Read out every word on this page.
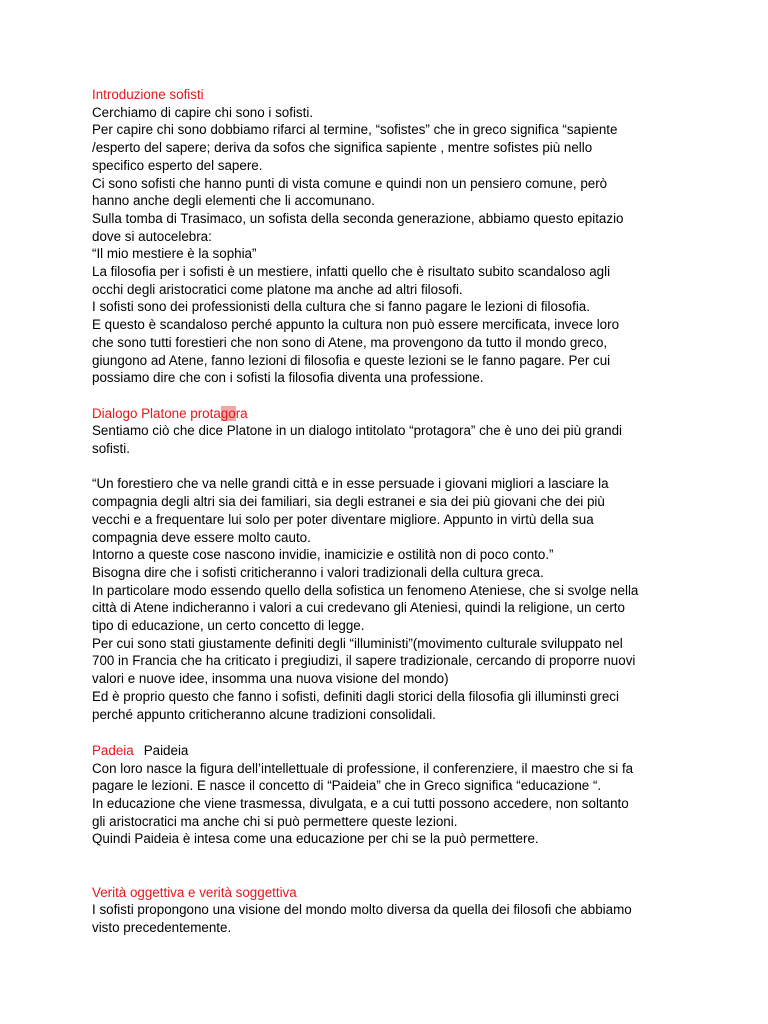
Introduzione sofisti

Cerchiamo di capire chi sono i sofisti.

Per capire chi sono dobbiamo rifarci al termine, “sofistes” che in greco significa “sapiente

/esperto del sapere; deriva da sofos che significa sapiente , mentre sofistes più nello

specifico esperto del sapere.

Ci sono sofisti che hanno punti di vista comune e quindi non un pensiero comune, però

hanno anche degli elementi che li accomunano.

Sulla tomba di Trasimaco, un sofista della seconda generazione, abbiamo questo epitazio

dove si autocelebra:

“Il mio mestiere è la sophia”

La filosofia per i sofisti è un mestiere, infatti quello che è risultato subito scandaloso agli

occhi degli aristocratici come platone ma anche ad altri filosofi.

I sofisti sono dei professionisti della cultura che si fanno pagare le lezioni di filosofia.

E questo è scandaloso perché appunto la cultura non può essere mercificata, invece loro

che sono tutti forestieri che non sono di Atene, ma provengono da tutto il mondo greco,

giungono ad Atene, fanno lezioni di filosofia e queste lezioni se le fanno pagare. Per cui

possiamo dire che con i sofisti la filosofia diventa una professione.

Dialogo Platone protagora

Sentiamo ciò che dice Platone in un dialogo intitolato “protagora” che è uno dei più grandi

sofisti.

“Un forestiero che va nelle grandi città e in esse persuade i giovani migliori a lasciare la

compagnia degli altri sia dei familiari, sia degli estranei e sia dei più giovani che dei più

vecchi e a frequentare lui solo per poter diventare migliore. Appunto in virtù della sua

compagnia deve essere molto cauto.

Intorno a queste cose nascono invidie, inamicizie e ostilità non di poco conto.”

Bisogna dire che i sofisti criticheranno i valori tradizionali della cultura greca.

In particolare modo essendo quello della sofistica un fenomeno Ateniese, che si svolge nella

città di Atene indicheranno i valori a cui credevano gli Ateniesi, quindi la religione, un certo

tipo di educazione, un certo concetto di legge.

Per cui sono stati giustamente definiti degli “illuministi”(movimento culturale sviluppato nel

700 in Francia che ha criticato i pregiudizi, il sapere tradizionale, cercando di proporre nuovi

valori e nuove idee, insomma una nuova visione del mondo)

Ed è proprio questo che fanno i sofisti, definiti dagli storici della filosofia gli illuminsti greci

perché appunto criticheranno alcune tradizioni consolidali.

Padeia Paideia

Con loro nasce la figura dell’intellettuale di professione, il conferenziere, il maestro che si fa

pagare le lezioni. E nasce il concetto di “Paideia” che in Greco significa “educazione “.

In educazione che viene trasmessa, divulgata, e a cui tutti possono accedere, non soltanto

gli aristocratici ma anche chi si può permettere queste lezioni.

Quindi Paideia è intesa come una educazione per chi se la può permettere.

Verità oggettiva e verità soggettiva

I sofisti propongono una visione del mondo molto diversa da quella dei filosofi che abbiamo

visto precedentemente.
